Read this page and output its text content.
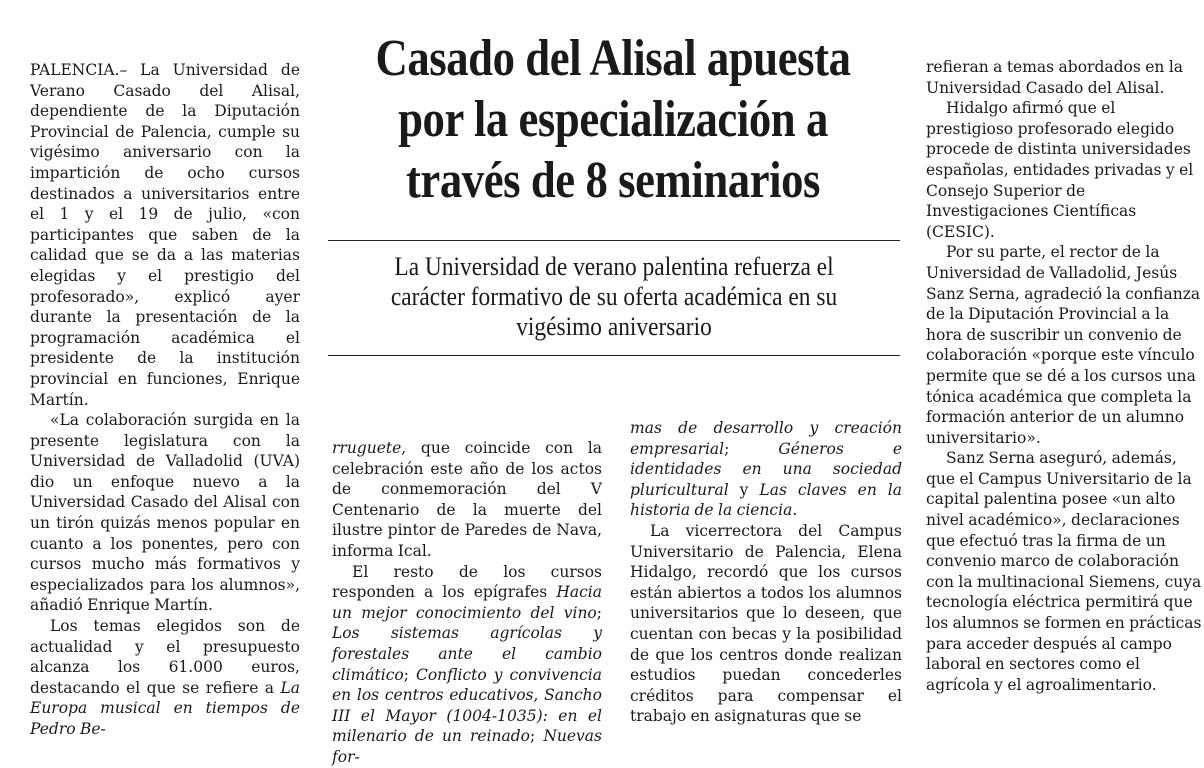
PALENCIA.– La Universidad de Verano Casado del Alisal, dependiente de la Diputación Provincial de Palencia, cumple su vigésimo aniversario con la impartición de ocho cursos destinados a universitarios entre el 1 y el 19 de julio, «con participantes que saben de la calidad que se da a las materias elegidas y el prestigio del profesorado», explicó ayer durante la presentación de la programación académica el presidente de la institución provincial en funciones, Enrique Martín.

«La colaboración surgida en la presente legislatura con la Universidad de Valladolid (UVA) dio un enfoque nuevo a la Universidad Casado del Alisal con un tirón quizás menos popular en cuanto a los ponentes, pero con cursos mucho más formativos y especializados para los alumnos», añadió Enrique Martín.

Los temas elegidos son de actualidad y el presupuesto alcanza los 61.000 euros, destacando el que se refiere a La Europa musical en tiempos de Pedro Be-

Casado del Alisal apuesta por la especialización a través de 8 seminarios
La Universidad de verano palentina refuerza el carácter formativo de su oferta académica en su vigésimo aniversario

rruguete, que coincide con la celebración este año de los actos de conmemoración del V Centenario de la muerte del ilustre pintor de Paredes de Nava, informa Ical.

El resto de los cursos responden a los epígrafes Hacia un mejor conocimiento del vino; Los sistemas agrícolas y forestales ante el cambio climático; Conflicto y convivencia en los centros educativos, Sancho III el Mayor (1004-1035): en el milenario de un reinado; Nuevas for-

mas de desarrollo y creación empresarial; Géneros e identidades en una sociedad pluricultural y Las claves en la historia de la ciencia.

La vicerrectora del Campus Universitario de Palencia, Elena Hidalgo, recordó que los cursos están abiertos a todos los alumnos universitarios que lo deseen, que cuentan con becas y la posibilidad de que los centros donde realizan estudios puedan concederles créditos para compensar el trabajo en asignaturas que se

refieran a temas abordados en la Universidad Casado del Alisal.

Hidalgo afirmó que el prestigioso profesorado elegido procede de distinta universidades españolas, entidades privadas y el Consejo Superior de Investigaciones Científicas (CESIC).

Por su parte, el rector de la Universidad de Valladolid, Jesús Sanz Serna, agradeció la confianza de la Diputación Provincial a la hora de suscribir un convenio de colaboración «porque este vínculo permite que se dé a los cursos una tónica académica que completa la formación anterior de un alumno universitario».

Sanz Serna aseguró, además, que el Campus Universitario de la capital palentina posee «un alto nivel académico», declaraciones que efectuó tras la firma de un convenio marco de colaboración con la multinacional Siemens, cuya tecnología eléctrica permitirá que los alumnos se formen en prácticas para acceder después al campo laboral en sectores como el agrícola y el agroalimentario.
